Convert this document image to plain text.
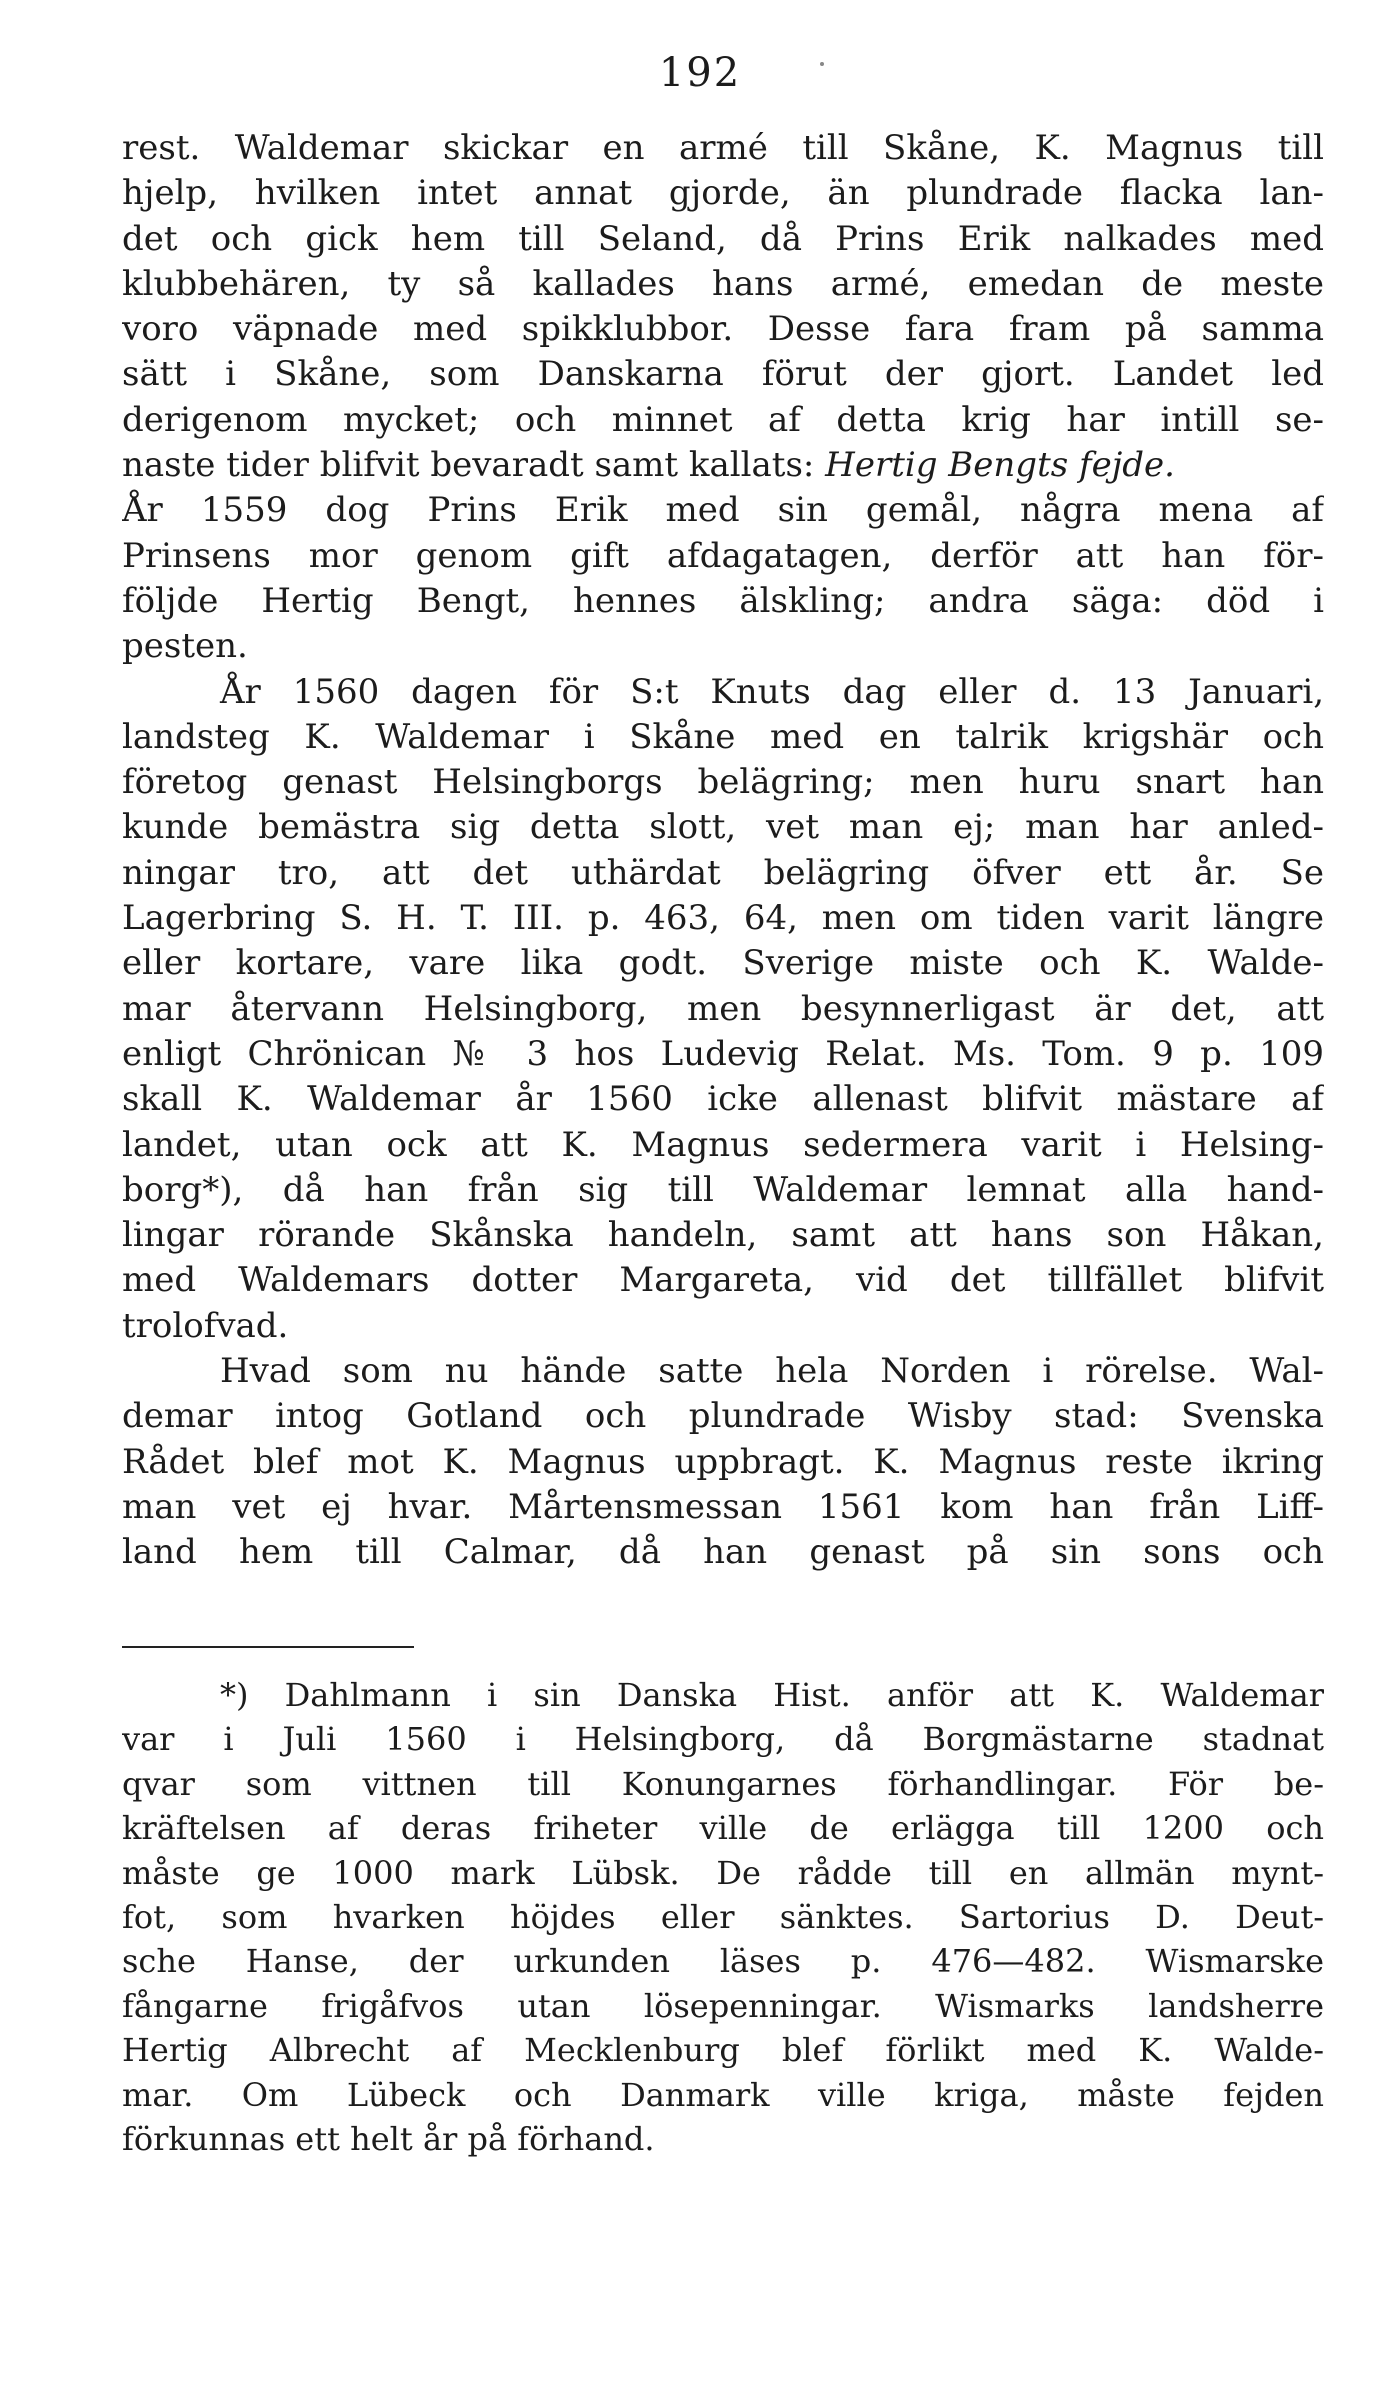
192
rest. Waldemar skickar en armé till Skåne, K. Magnus till
hjelp, hvilken intet annat gjorde, än plundrade flacka lan-
det och gick hem till Seland, då Prins Erik nalkades med
klubbehären, ty så kallades hans armé, emedan de meste
voro väpnade med spikklubbor. Desse fara fram på samma
sätt i Skåne, som Danskarna förut der gjort. Landet led
derigenom mycket; och minnet af detta krig har intill se-
naste tider blifvit bevaradt samt kallats: Hertig Bengts fejde.
År 1559 dog Prins Erik med sin gemål, några mena af
Prinsens mor genom gift afdagatagen, derför att han för-
följde Hertig Bengt, hennes älskling; andra säga: död i
pesten.
År 1560 dagen för S:t Knuts dag eller d. 13 Januari,
landsteg K. Waldemar i Skåne med en talrik krigshär och
företog genast Helsingborgs belägring; men huru snart han
kunde bemästra sig detta slott, vet man ej; man har anled-
ningar tro, att det uthärdat belägring öfver ett år. Se
Lagerbring S. H. T. III. p. 463, 64, men om tiden varit längre
eller kortare, vare lika godt. Sverige miste och K. Walde-
mar återvann Helsingborg, men besynnerligast är det, att
enligt Chrönican № 3 hos Ludevig Relat. Ms. Tom. 9 p. 109
skall K. Waldemar år 1560 icke allenast blifvit mästare af
landet, utan ock att K. Magnus sedermera varit i Helsing-
borg*), då han från sig till Waldemar lemnat alla hand-
lingar rörande Skånska handeln, samt att hans son Håkan,
med Waldemars dotter Margareta, vid det tillfället blifvit
trolofvad.
Hvad som nu hände satte hela Norden i rörelse. Wal-
demar intog Gotland och plundrade Wisby stad: Svenska
Rådet blef mot K. Magnus uppbragt. K. Magnus reste ikring
man vet ej hvar. Mårtensmessan 1561 kom han från Liff-
land hem till Calmar, då han genast på sin sons och
*) Dahlmann i sin Danska Hist. anför att K. Waldemar
var i Juli 1560 i Helsingborg, då Borgmästarne stadnat
qvar som vittnen till Konungarnes förhandlingar. För be-
kräftelsen af deras friheter ville de erlägga till 1200 och
måste ge 1000 mark Lübsk. De rådde till en allmän mynt-
fot, som hvarken höjdes eller sänktes. Sartorius D. Deut-
sche Hanse, der urkunden läses p. 476—482. Wismarske
fångarne frigåfvos utan lösepenningar. Wismarks landsherre
Hertig Albrecht af Mecklenburg blef förlikt med K. Walde-
mar. Om Lübeck och Danmark ville kriga, måste fejden
förkunnas ett helt år på förhand.
